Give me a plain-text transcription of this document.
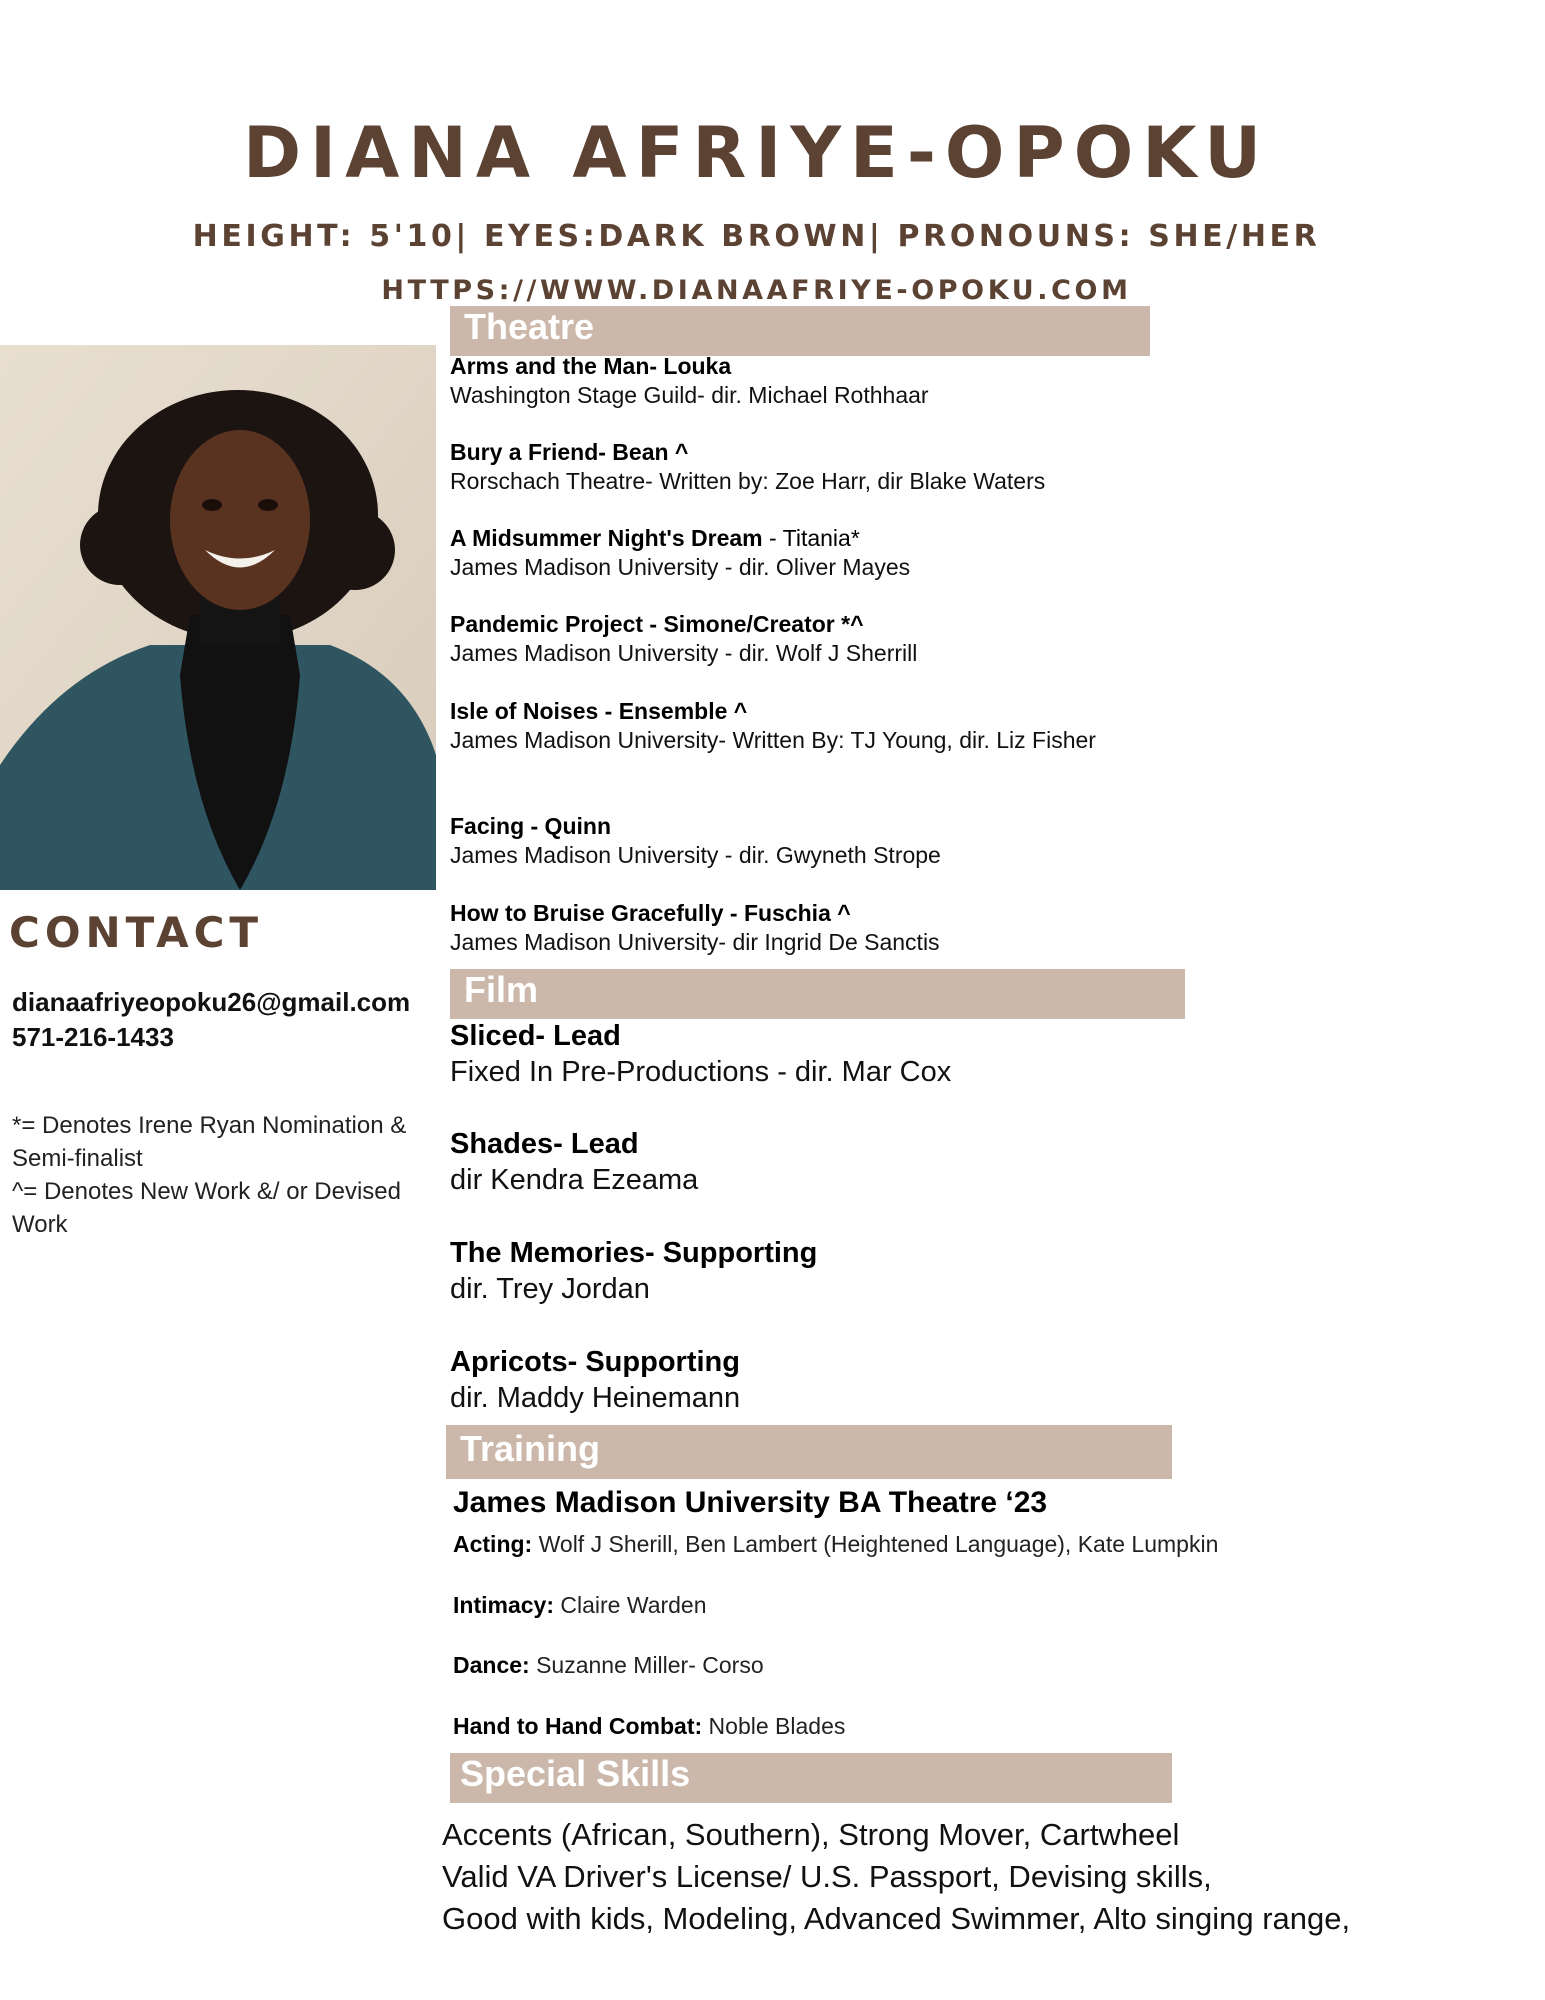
DIANA AFRIYE-OPOKU
HEIGHT: 5'10| EYES:DARK BROWN| PRONOUNS: SHE/HER
HTTPS://WWW.DIANAAFRIYE-OPOKU.COM
CONTACT
dianaafriyeopoku26@gmail.com
571-216-1433
*= Denotes Irene Ryan Nomination & Semi-finalist
^= Denotes New Work &/ or Devised Work
Theatre
Arms and the Man- Louka
Washington Stage Guild- dir. Michael Rothhaar
Bury a Friend- Bean ^
Rorschach Theatre- Written by: Zoe Harr, dir Blake Waters
A Midsummer Night's Dream - Titania*
James Madison University - dir. Oliver Mayes
Pandemic Project - Simone/Creator *^
James Madison University - dir. Wolf J Sherrill
Isle of Noises - Ensemble ^
James Madison University- Written By: TJ Young, dir. Liz Fisher
Facing - Quinn
James Madison University - dir. Gwyneth Strope
How to Bruise Gracefully - Fuschia ^
James Madison University- dir Ingrid De Sanctis
Film
Sliced- Lead
Fixed In Pre-Productions - dir. Mar Cox
Shades- Lead
dir Kendra Ezeama
The Memories- Supporting
dir. Trey Jordan
Apricots- Supporting
dir. Maddy Heinemann
Training
James Madison University BA Theatre ‘23
Acting: Wolf J Sherill, Ben Lambert (Heightened Language), Kate Lumpkin
Intimacy: Claire Warden
Dance: Suzanne Miller- Corso
Hand to Hand Combat: Noble Blades
Special Skills
Accents (African, Southern), Strong Mover, Cartwheel
Valid VA Driver's License/ U.S. Passport, Devising skills,
Good with kids, Modeling, Advanced Swimmer, Alto singing range,
